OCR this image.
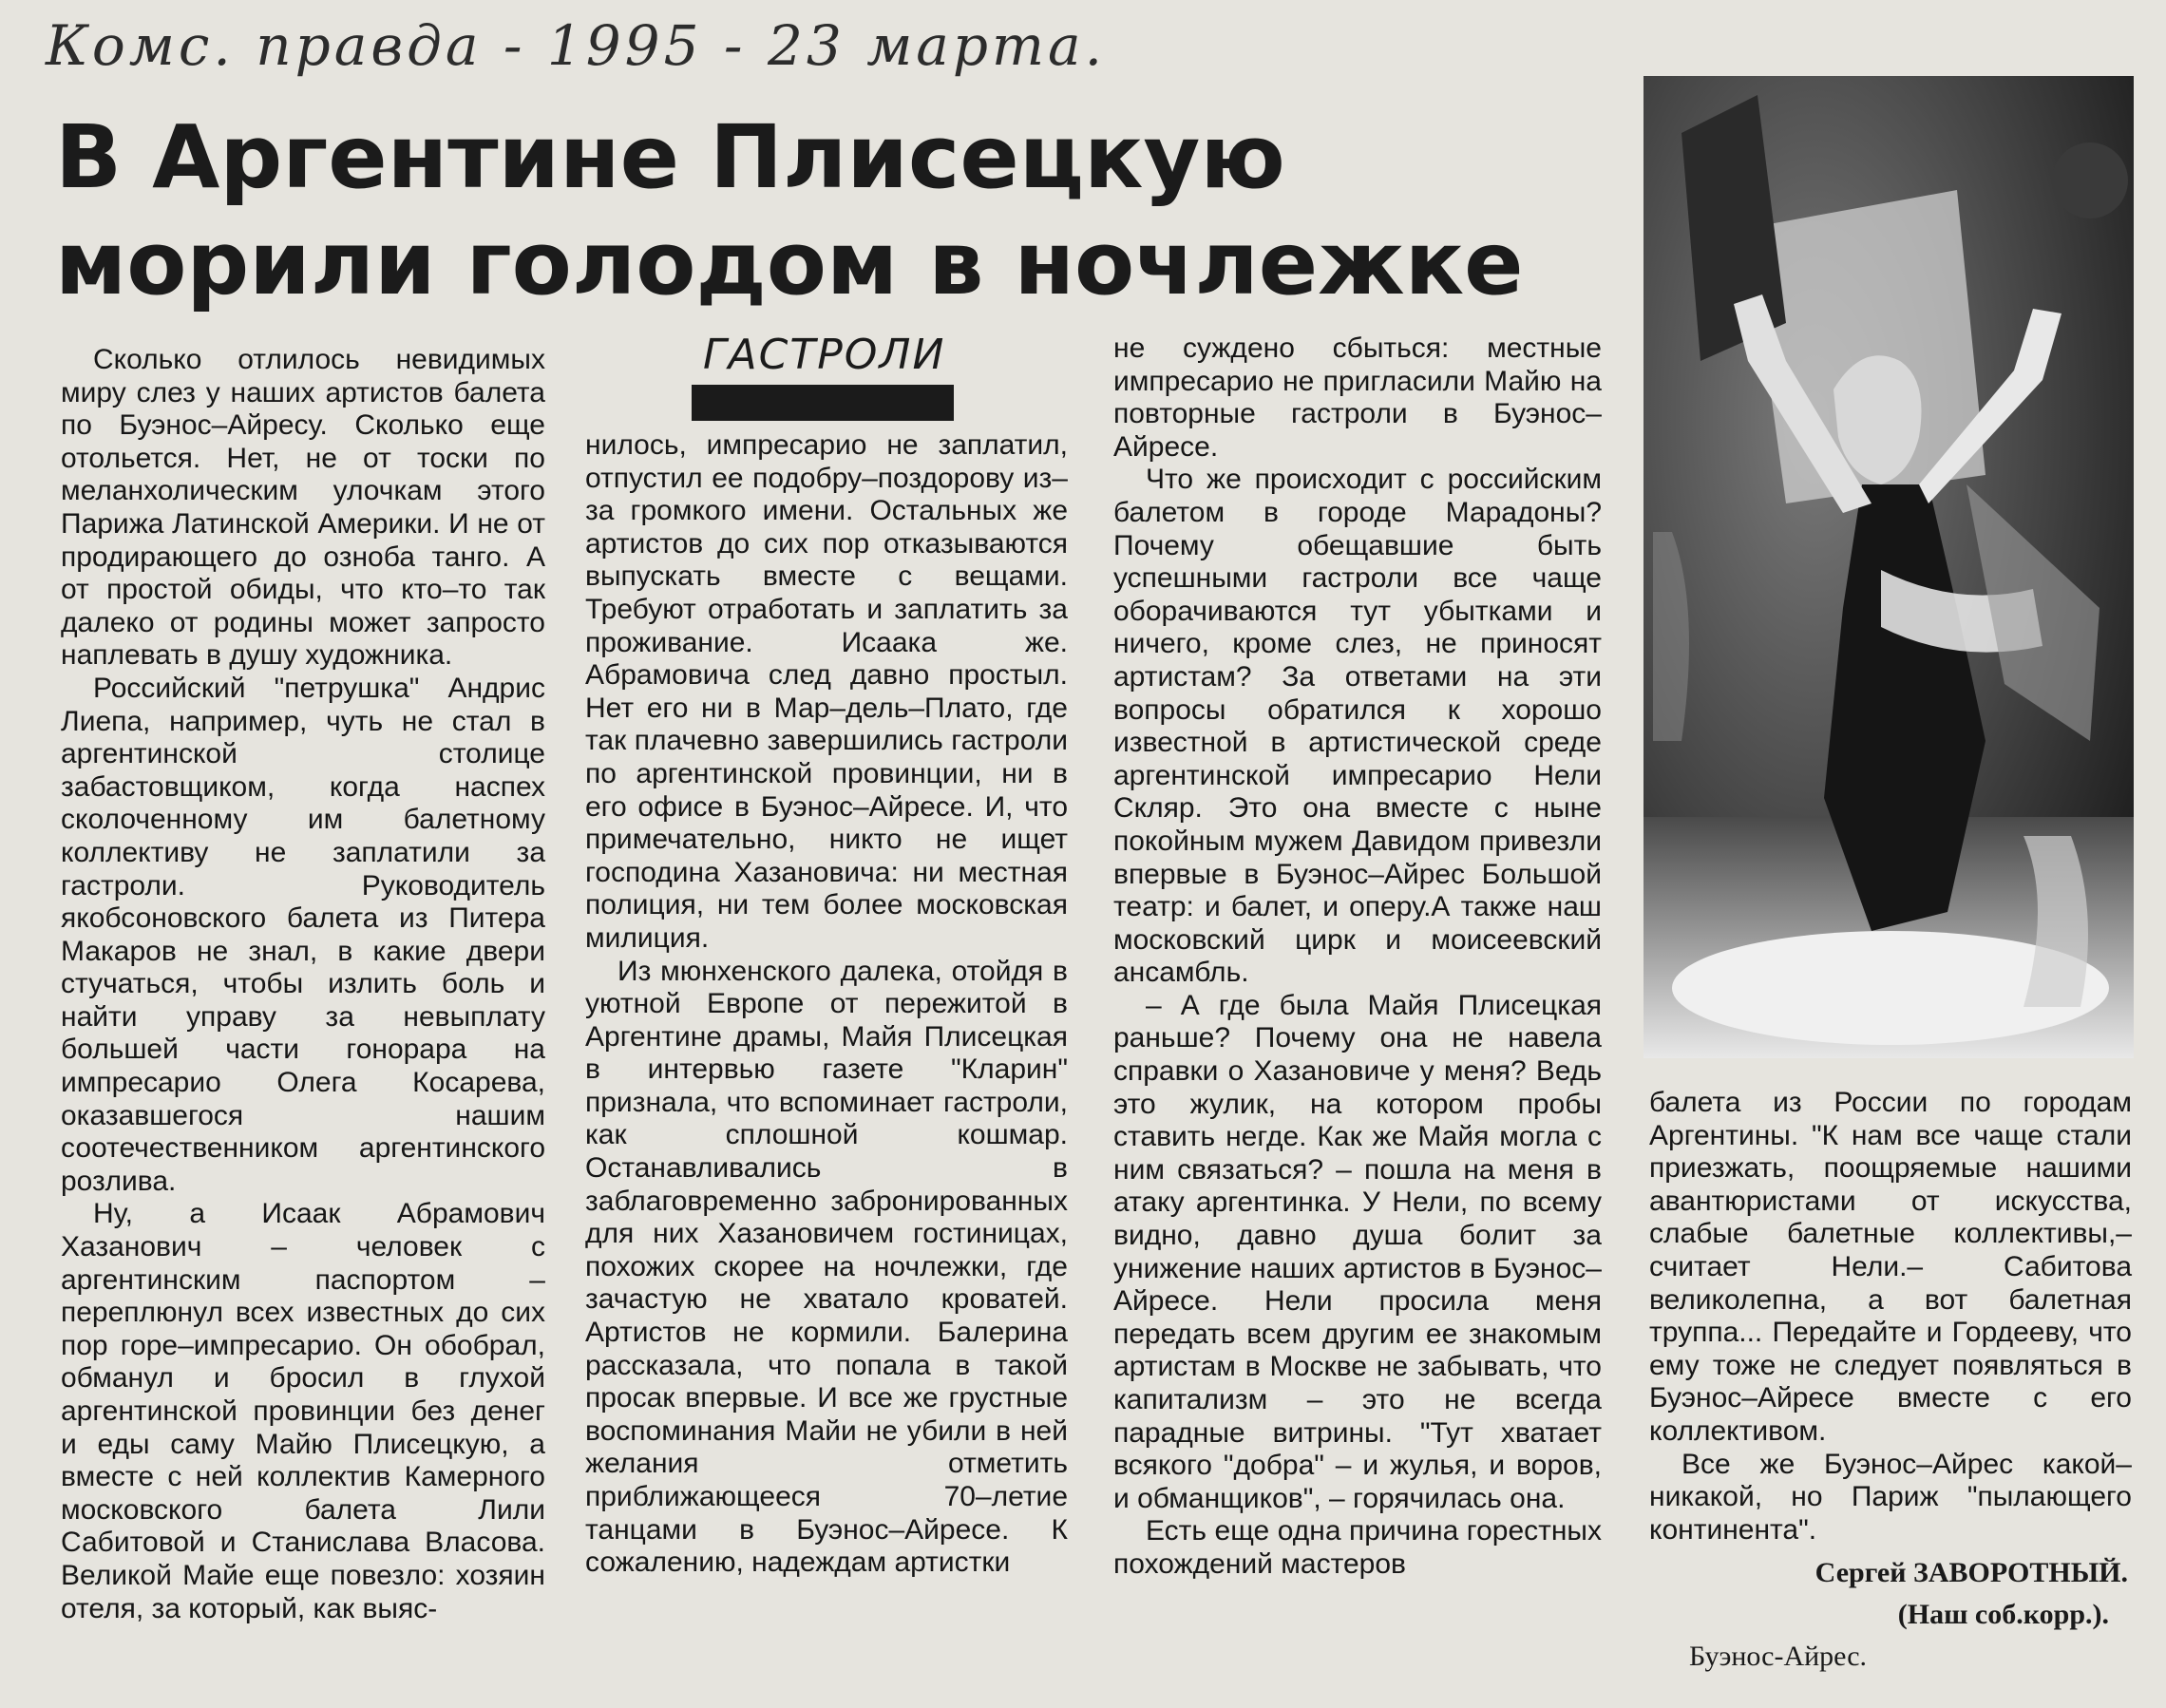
Комс. правда - 1995 - 23 марта.
В Аргентине Плисецкую
морили голодом в ночлежке
ГАСТРОЛИ

Сколько отлилось невидимых миру слез у наших артистов балета по Буэнос–Айресу. Сколько еще отольется. Нет, не от тоски по меланхолическим улочкам этого Парижа Латинской Америки. И не от продирающего до озноба танго. А от простой обиды, что кто–то так далеко от родины может запросто наплевать в душу художника.

Российский "петрушка" Андрис Лиепа, например, чуть не стал в аргентинской столице забастовщиком, когда наспех сколоченному им балетному коллективу не заплатили за гастроли. Руководитель якобсоновского балета из Питера Макаров не знал, в какие двери стучаться, чтобы излить боль и найти управу за невыплату большей части гонорара на импресарио Олега Косарева, оказавшегося нашим соотечественником аргентинского розлива.

Ну, а Исаак Абрамович Хазанович – человек с аргентинским паспортом – переплюнул всех известных до сих пор горе–импресарио. Он обобрал, обманул и бросил в глухой аргентинской провинции без денег и еды саму Майю Плисецкую, а вместе с ней коллектив Камерного московского балета Лили Сабитовой и Станислава Власова. Великой Майе еще повезло: хозяин отеля, за который, как выяс-

нилось, импресарио не заплатил, отпустил ее подобру–поздорову из–за громкого имени. Остальных же артистов до сих пор отказываются выпускать вместе с вещами. Требуют отработать и заплатить за проживание. Исаака же. Абрамовича след давно простыл. Нет его ни в Мар–дель–Плато, где так плачевно завершились гастроли по аргентинской провинции, ни в его офисе в Буэнос–Айресе. И, что примечательно, никто не ищет господина Хазановича: ни местная полиция, ни тем более московская милиция.

Из мюнхенского далека, отойдя в уютной Европе от пережитой в Аргентине драмы, Майя Плисецкая в интервью газете "Кларин" признала, что вспоминает гастроли, как сплошной кошмар. Останавливались в заблаговременно забронированных для них Хазановичем гостиницах, похожих скорее на ночлежки, где зачастую не хватало кроватей. Артистов не кормили. Балерина рассказала, что попала в такой просак впервые. И все же грустные воспоминания Майи не убили в ней желания отметить приближающееся 70–летие танцами в Буэнос–Айресе. К сожалению, надеждам артистки

не суждено сбыться: местные импресарио не пригласили Майю на повторные гастроли в Буэнос–Айресе.

Что же происходит с российским балетом в городе Марадоны? Почему обещавшие быть успешными гастроли все чаще оборачиваются тут убытками и ничего, кроме слез, не приносят артистам? За ответами на эти вопросы обратился к хорошо известной в артистической среде аргентинской импресарио Нели Скляр. Это она вместе с ныне покойным мужем Давидом привезли впервые в Буэнос–Айрес Большой театр: и балет, и оперу.А также наш московский цирк и моисеевский ансамбль.

– А где была Майя Плисецкая раньше? Почему она не навела справки о Хазановиче у меня? Ведь это жулик, на котором пробы ставить негде. Как же Майя могла с ним связаться? – пошла на меня в атаку аргентинка. У Нели, по всему видно, давно душа болит за унижение наших артистов в Буэнос–Айресе. Нели просила меня передать всем другим ее знакомым артистам в Москве не забывать, что капитализм – это не всегда парадные витрины. "Тут хватает всякого "добра" – и жулья, и воров, и обманщиков", – горячилась она.

Есть еще одна причина горестных похождений мастеров

балета из России по городам Аргентины. "К нам все чаще стали приезжать, поощряемые нашими авантюристами от искусства, слабые балетные коллективы,– считает Нели.– Сабитова великолепна, а вот балетная труппа... Передайте и Гордееву, что ему тоже не следует появляться в Буэнос–Айресе вместе с его коллективом.

Все же Буэнос–Айрес какой–никакой, но Париж "пылающего континента".

Сергей ЗАВОРОТНЫЙ.
(Наш соб.корр.).
Буэнос-Айрес.
